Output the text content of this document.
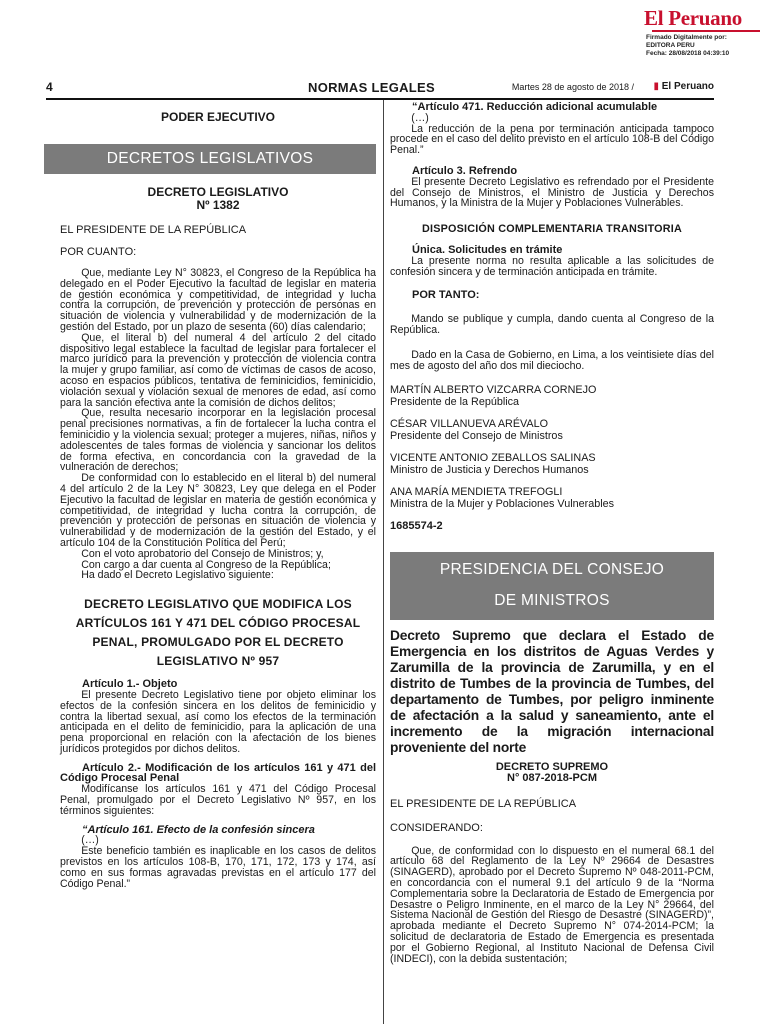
El Peruano
Firmado Digitalmente por:
EDITORA PERU
Fecha: 28/08/2018 04:39:10
4	NORMAS LEGALES	Martes 28 de agosto de 2018 / ▮ El Peruano
PODER EJECUTIVO
DECRETOS LEGISLATIVOS
DECRETO LEGISLATIVO
Nº 1382

EL PRESIDENTE DE LA REPÚBLICA

POR CUANTO:

Que, mediante Ley N° 30823, el Congreso de la República ha delegado en el Poder Ejecutivo la facultad de legislar en materia de gestión económica y competitividad, de integridad y lucha contra la corrupción, de prevención y protección de personas en situación de violencia y vulnerabilidad y de modernización de la gestión del Estado, por un plazo de sesenta (60) días calendario;

Que, el literal b) del numeral 4 del artículo 2 del citado dispositivo legal establece la facultad de legislar para fortalecer el marco jurídico para la prevención y protección de violencia contra la mujer y grupo familiar, así como de víctimas de casos de acoso, acoso en espacios públicos, tentativa de feminicidios, feminicidio, violación sexual y violación sexual de menores de edad, así como para la sanción efectiva ante la comisión de dichos delitos;

Que, resulta necesario incorporar en la legislación procesal penal precisiones normativas, a fin de fortalecer la lucha contra el feminicidio y la violencia sexual; proteger a mujeres, niñas, niños y adolescentes de tales formas de violencia y sancionar los delitos de forma efectiva, en concordancia con la gravedad de la vulneración de derechos;

De conformidad con lo establecido en el literal b) del numeral 4 del artículo 2 de la Ley N° 30823, Ley que delega en el Poder Ejecutivo la facultad de legislar en materia de gestión económica y competitividad, de integridad y lucha contra la corrupción, de prevención y protección de personas en situación de violencia y vulnerabilidad y de modernización de la gestión del Estado, y el artículo 104 de la Constitución Política del Perú;

Con el voto aprobatorio del Consejo de Ministros; y,

Con cargo a dar cuenta al Congreso de la República;

Ha dado el Decreto Legislativo siguiente:

DECRETO LEGISLATIVO QUE MODIFICA LOS ARTÍCULOS 161 Y 471 DEL CÓDIGO PROCESAL PENAL, PROMULGADO POR EL DECRETO LEGISLATIVO Nº 957

Artículo 1.- Objeto

El presente Decreto Legislativo tiene por objeto eliminar los efectos de la confesión sincera en los delitos de feminicidio y contra la libertad sexual, así como los efectos de la terminación anticipada en el delito de feminicidio, para la aplicación de una pena proporcional en relación con la afectación de los bienes jurídicos protegidos por dichos delitos.

Artículo 2.- Modificación de los artículos 161 y 471 del Código Procesal Penal

Modifícanse los artículos 161 y 471 del Código Procesal Penal, promulgado por el Decreto Legislativo Nº 957, en los términos siguientes:

“Artículo 161. Efecto de la confesión sincera

(…)

Este beneficio también es inaplicable en los casos de delitos previstos en los artículos 108-B, 170, 171, 172, 173 y 174, así como en sus formas agravadas previstas en el artículo 177 del Código Penal.”

“Artículo 471. Reducción adicional acumulable

(…)

La reducción de la pena por terminación anticipada tampoco procede en el caso del delito previsto en el artículo 108-B del Código Penal.”

Artículo 3. Refrendo

El presente Decreto Legislativo es refrendado por el Presidente del Consejo de Ministros, el Ministro de Justicia y Derechos Humanos, y la Ministra de la Mujer y Poblaciones Vulnerables.

DISPOSICIÓN COMPLEMENTARIA TRANSITORIA

Única. Solicitudes en trámite

La presente norma no resulta aplicable a las solicitudes de confesión sincera y de terminación anticipada en trámite.

POR TANTO:

Mando se publique y cumpla, dando cuenta al Congreso de la República.

Dado en la Casa de Gobierno, en Lima, a los veintisiete días del mes de agosto del año dos mil dieciocho.

MARTÍN ALBERTO VIZCARRA CORNEJO

Presidente de la República

CÉSAR VILLANUEVA ARÉVALO

Presidente del Consejo de Ministros

VICENTE ANTONIO ZEBALLOS SALINAS

Ministro de Justicia y Derechos Humanos

ANA MARÍA MENDIETA TREFOGLI

Ministra de la Mujer y Poblaciones Vulnerables

1685574-2
PRESIDENCIA DEL CONSEJO
DE MINISTROS
Decreto Supremo que declara el Estado de Emergencia en los distritos de Aguas Verdes y Zarumilla de la provincia de Zarumilla, y en el distrito de Tumbes de la provincia de Tumbes, del departamento de Tumbes, por peligro inminente de afectación a la salud y saneamiento, ante el incremento de la migración internacional proveniente del norte
DECRETO SUPREMO
N° 087-2018-PCM

EL PRESIDENTE DE LA REPÚBLICA

CONSIDERANDO:

Que, de conformidad con lo dispuesto en el numeral 68.1 del artículo 68 del Reglamento de la Ley Nº 29664 de Desastres (SINAGERD), aprobado por el Decreto Supremo Nº 048-2011-PCM, en concordancia con el numeral 9.1 del artículo 9 de la “Norma Complementaria sobre la Declaratoria de Estado de Emergencia por Desastre o Peligro Inminente, en el marco de la Ley N° 29664, del Sistema Nacional de Gestión del Riesgo de Desastre (SINAGERD)”, aprobada mediante el Decreto Supremo N° 074-2014-PCM; la solicitud de declaratoria de Estado de Emergencia es presentada por el Gobierno Regional, al Instituto Nacional de Defensa Civil (INDECI), con la debida sustentación;
